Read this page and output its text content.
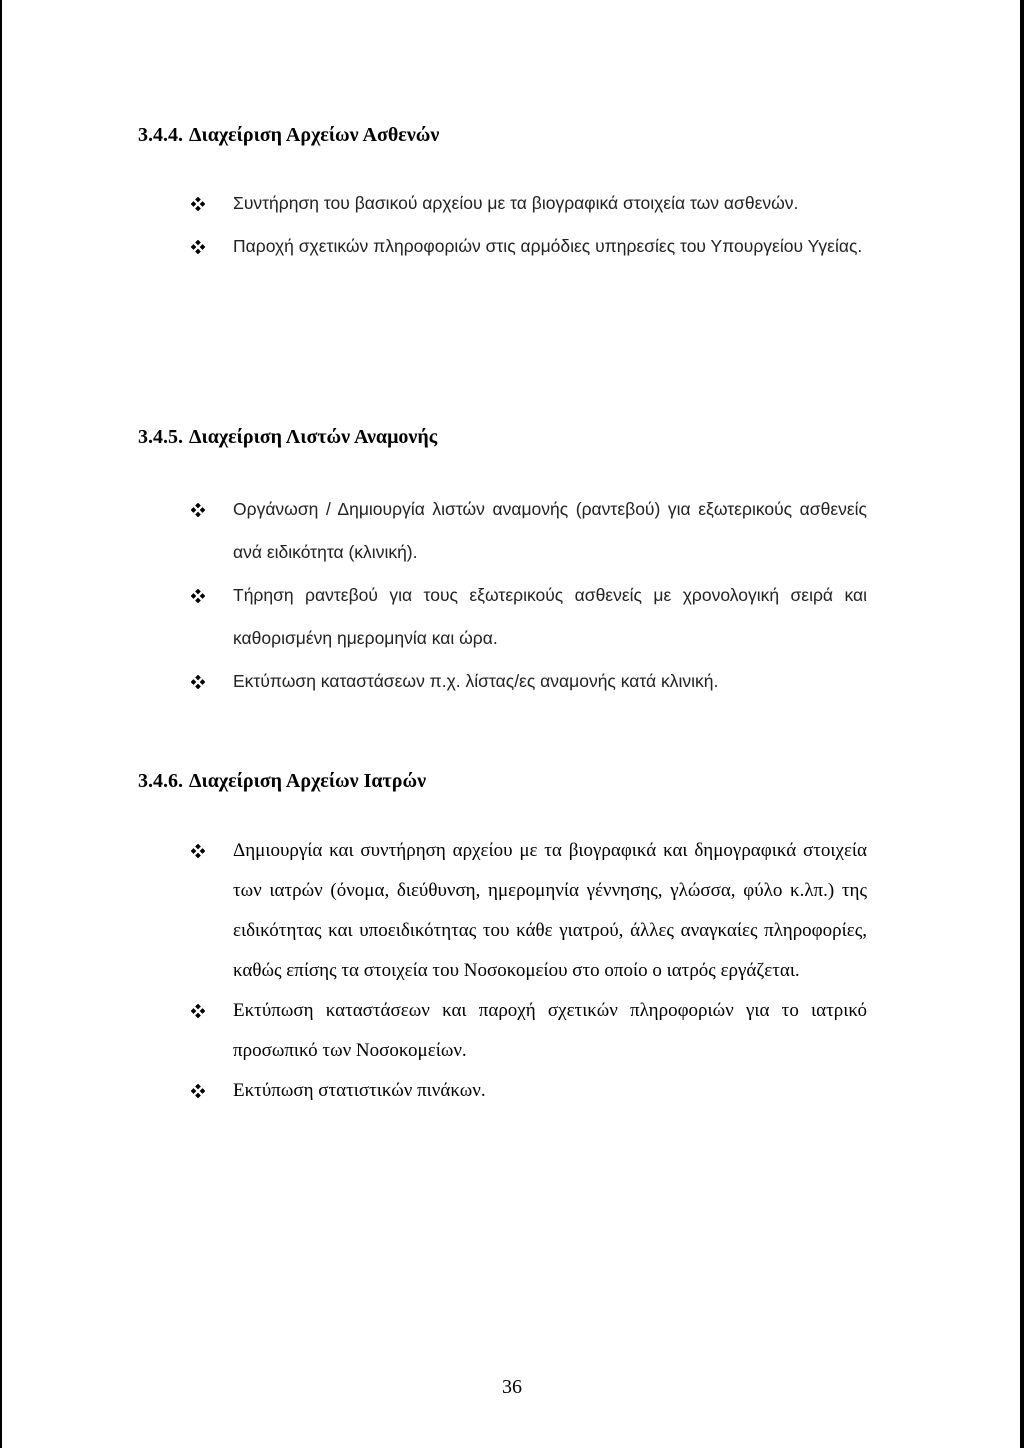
3.4.4. Διαχείριση Αρχείων Ασθενών
Συντήρηση του βασικού αρχείου με τα βιογραφικά στοιχεία των ασθενών.
Παροχή σχετικών πληροφοριών στις αρμόδιες υπηρεσίες του Υπουργείου Υγείας.
3.4.5. Διαχείριση Λιστών Αναμονής
Οργάνωση / Δημιουργία λιστών αναμονής (ραντεβού) για εξωτερικούς ασθενείς ανά ειδικότητα (κλινική).
Τήρηση ραντεβού για τους εξωτερικούς ασθενείς με χρονολογική σειρά και καθορισμένη ημερομηνία και ώρα.
Εκτύπωση καταστάσεων π.χ. λίστας/ες αναμονής κατά κλινική.
3.4.6. Διαχείριση Αρχείων Ιατρών
Δημιουργία και συντήρηση αρχείου με τα βιογραφικά και δημογραφικά στοιχεία των ιατρών (όνομα, διεύθυνση, ημερομηνία γέννησης, γλώσσα, φύλο κ.λπ.) της ειδικότητας και υποειδικότητας του κάθε γιατρού, άλλες αναγκαίες πληροφορίες, καθώς επίσης τα στοιχεία του Νοσοκομείου στο οποίο ο ιατρός εργάζεται.
Εκτύπωση καταστάσεων και παροχή σχετικών πληροφοριών για το ιατρικό προσωπικό των Νοσοκομείων.
Εκτύπωση στατιστικών πινάκων.
36
